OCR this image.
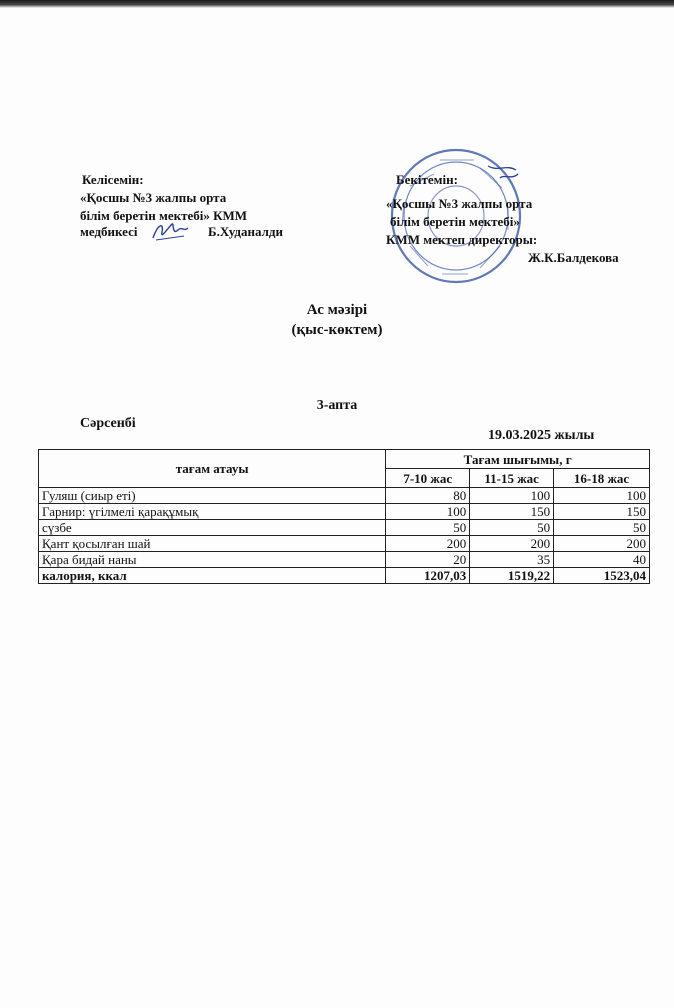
Келісемін:
«Қосшы №3 жалпы орта
білім беретін мектебі» КММ
медбикесі	Б.Худаналди
Бекітемін:
«Қосшы №3 жалпы орта
білім беретін мектебі»
КММ мектеп директоры:
Ж.К.Балдекова
Ас мәзірі
(қыс-көктем)
3-апта
Сәрсенбі
19.03.2025 жылы
тағам атауы	Тағам шығымы, г		
	7-10 жас	11-15 жас	16-18 жас
Гуляш (сиыр еті)	80	100	100
Гарнир: үгілмелі қарақұмық	100	150	150
сүзбе	50	50	50
Қант қосылған шай	200	200	200
Қара бидай наны	20	35	40
калория, ккал	1207,03	1519,22	1523,04
